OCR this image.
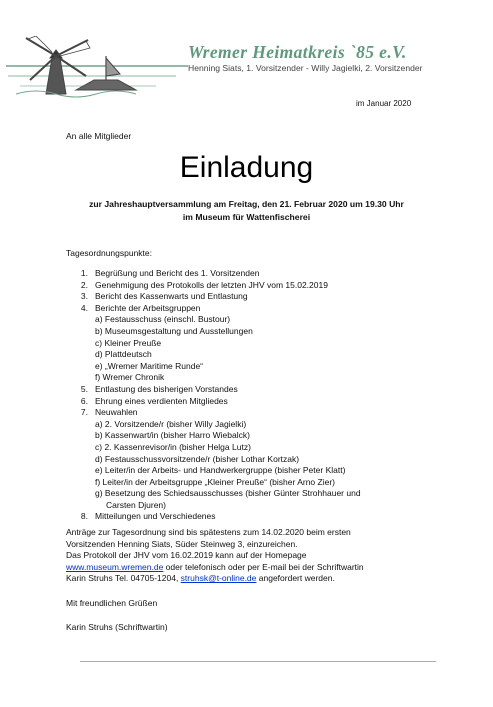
Wremer Heimatkreis `85 e.V.
Henning Siats, 1. Vorsitzender - Willy Jagielki, 2. Vorsitzender
im Januar 2020
An alle Mitglieder
Einladung
zur Jahreshauptversammlung am Freitag, den 21. Februar 2020 um 19.30 Uhr
im Museum für Wattenfischerei
Tagesordnungspunkte:
1. Begrüßung und Bericht des 1. Vorsitzenden
2. Genehmigung des Protokolls der letzten JHV vom 15.02.2019
3. Bericht des Kassenwarts und Entlastung
4. Berichte der Arbeitsgruppen
a) Festausschuss (einschl. Bustour)
b) Museumsgestaltung und Ausstellungen
c) Kleiner Preuße
d) Plattdeutsch
e) „Wremer Maritime Runde“
f) Wremer Chronik
5. Entlastung des bisherigen Vorstandes
6. Ehrung eines verdienten Mitgliedes
7. Neuwahlen
a) 2. Vorsitzende/r (bisher Willy Jagielki)
b) Kassenwart/in (bisher Harro Wiebalck)
c) 2. Kassenrevisor/in (bisher Helga Lutz)
d) Festausschussvorsitzende/r (bisher Lothar Kortzak)
e) Leiter/in der Arbeits- und Handwerkergruppe (bisher Peter Klatt)
f) Leiter/in der Arbeitsgruppe „Kleiner Preuße“ (bisher Arno Zier)
g) Besetzung des Schiedsausschusses (bisher Günter Strohhauer und
Carsten Djuren)
8. Mitteilungen und Verschiedenes
Anträge zur Tagesordnung sind bis spätestens zum 14.02.2020 beim ersten
Vorsitzenden Henning Siats, Süder Steinweg 3, einzureichen.
Das Protokoll der JHV vom 16.02.2019 kann auf der Homepage
www.museum.wremen.de oder telefonisch oder per E-mail bei der Schriftwartin
Karin Struhs Tel. 04705-1204, struhsk@t-online.de angefordert werden.
Mit freundlichen Grüßen
Karin Struhs (Schriftwartin)
